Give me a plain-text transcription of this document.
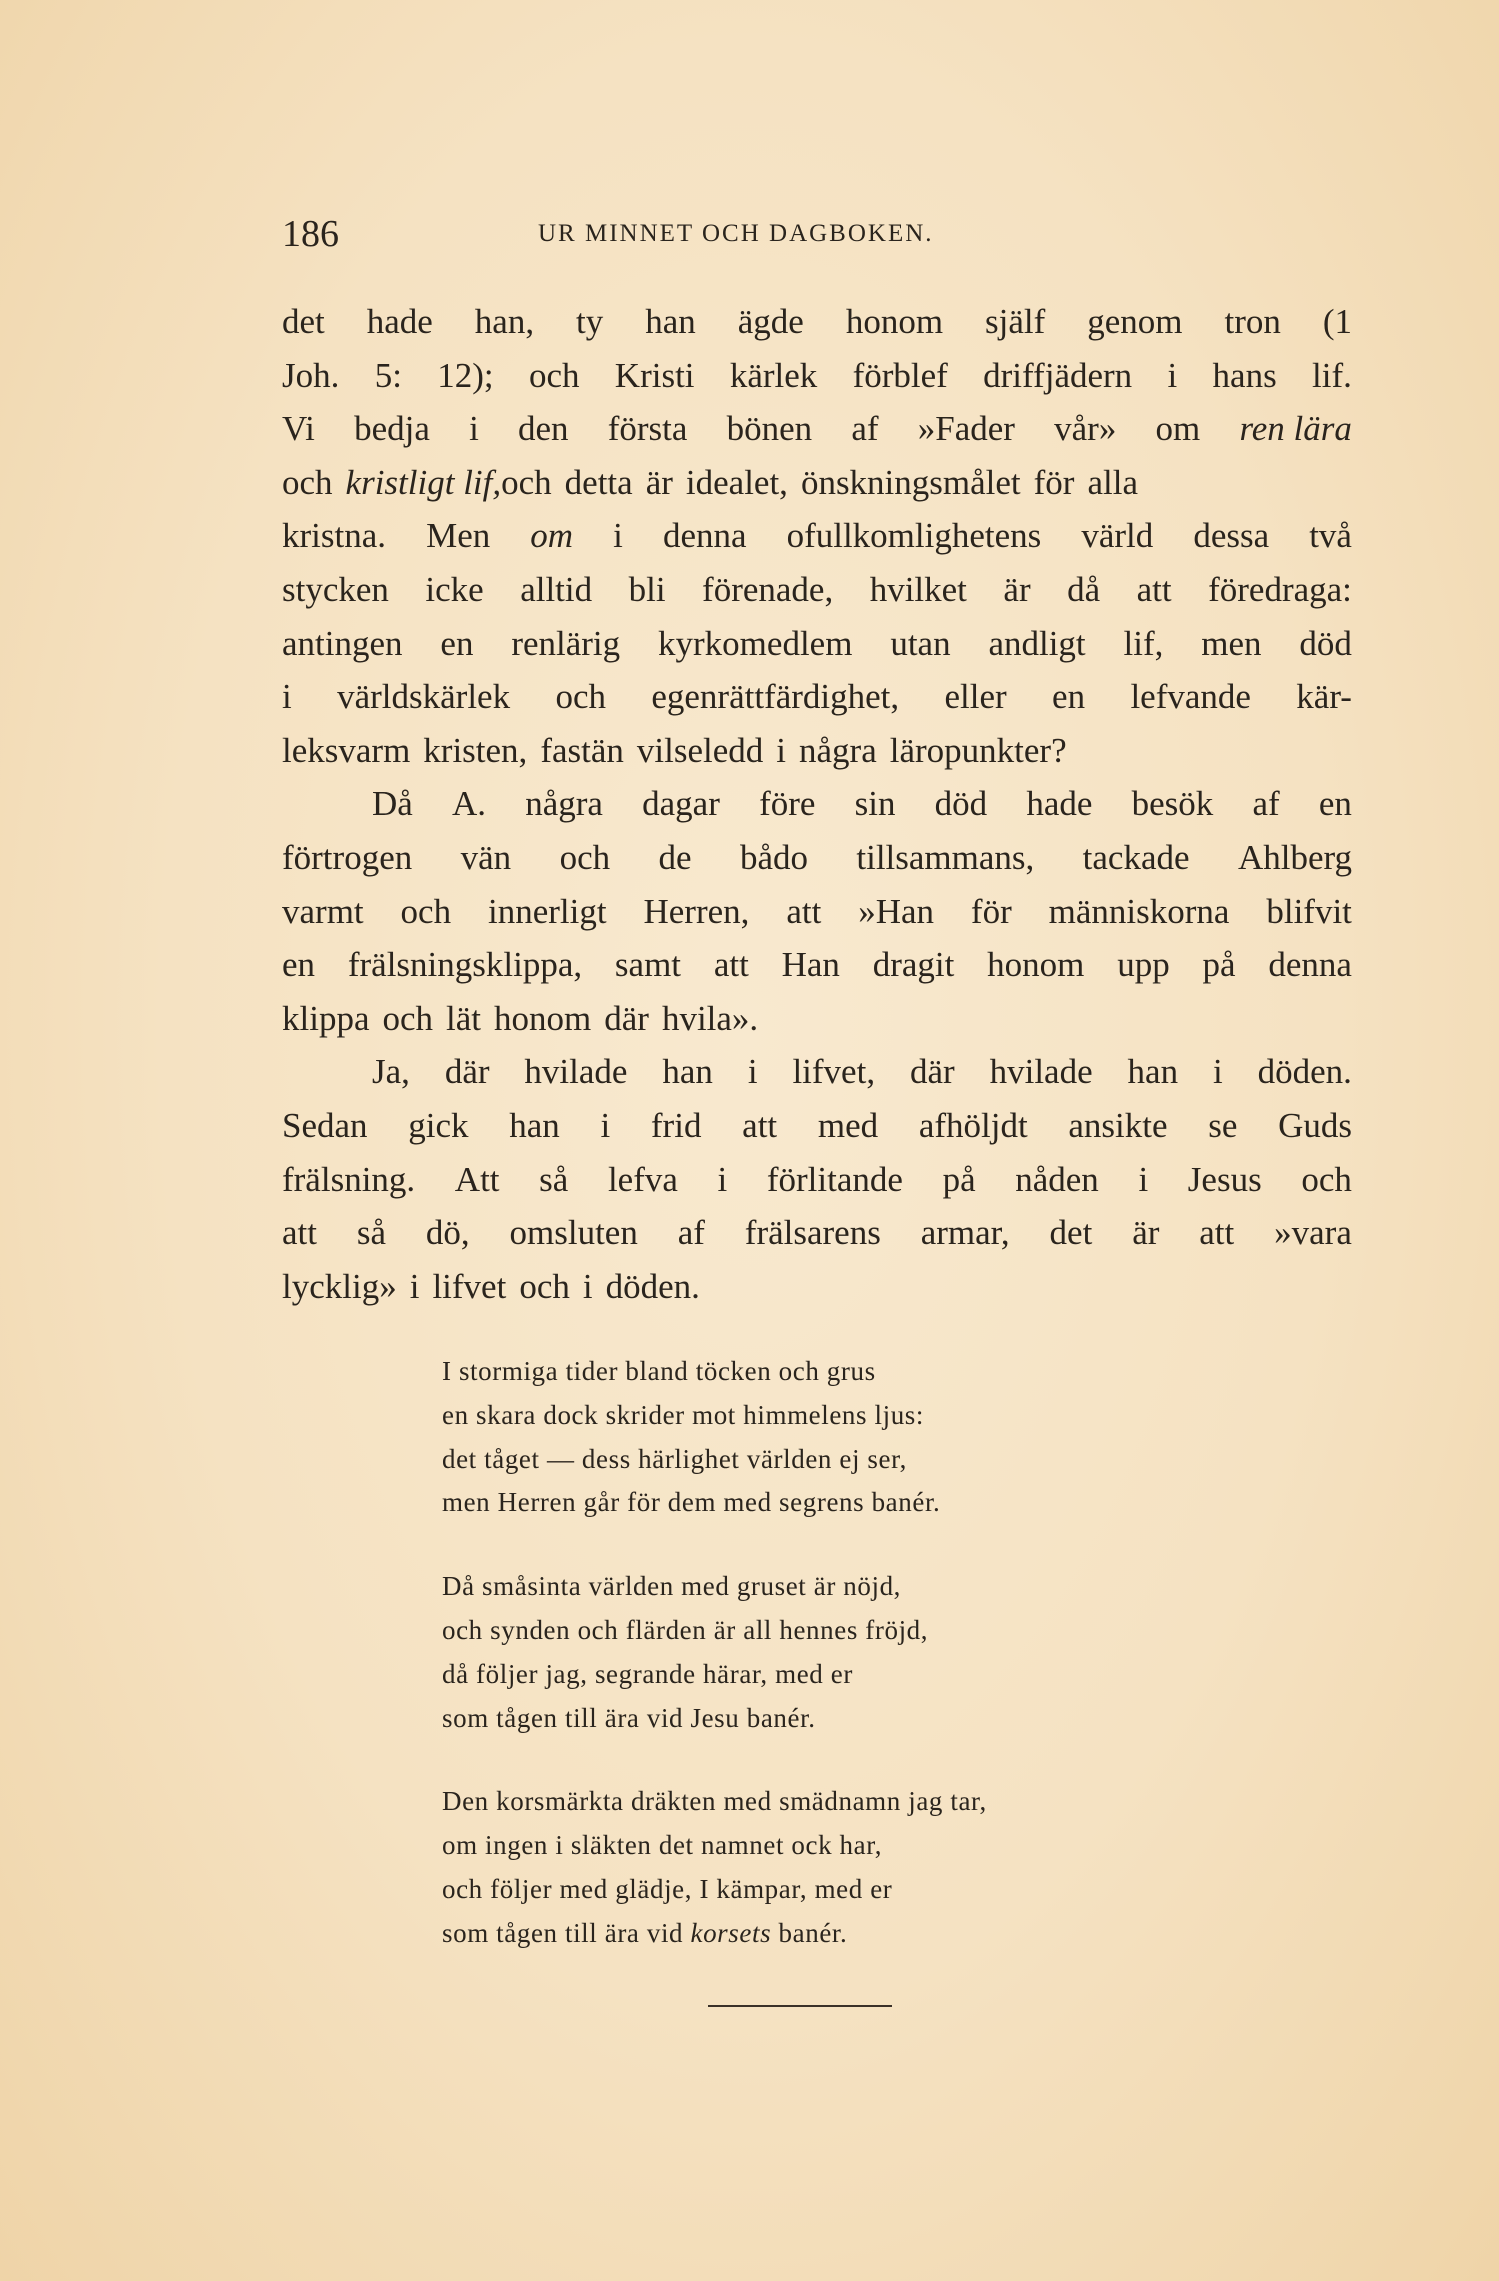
186	UR MINNET OCH DAGBOKEN.
det hade han, ty han ägde honom själf genom tron (1
Joh. 5: 12); och Kristi kärlek förblef driffjädern i hans lif.
Vi bedja i den första bönen af »Fader vår» om ren lära
och kristligt lif, och detta är idealet, önskningsmålet för alla
kristna. Men om i denna ofullkomlighetens värld dessa två
stycken icke alltid bli förenade, hvilket är då att föredraga:
antingen en renlärig kyrkomedlem utan andligt lif, men död
i världskärlek och egenrättfärdighet, eller en lefvande kär-
leksvarm kristen, fastän vilseledd i några läropunkter?
Då A. några dagar före sin död hade besök af en
förtrogen vän och de bådo tillsammans, tackade Ahlberg
varmt och innerligt Herren, att »Han för människorna blifvit
en frälsningsklippa, samt att Han dragit honom upp på denna
klippa och lät honom där hvila».
Ja, där hvilade han i lifvet, där hvilade han i döden.
Sedan gick han i frid att med afhöljdt ansikte se Guds
frälsning. Att så lefva i förlitande på nåden i Jesus och
att så dö, omsluten af frälsarens armar, det är att »vara
lycklig» i lifvet och i döden.
I stormiga tider bland töcken och grus
en skara dock skrider mot himmelens ljus:
det tåget — dess härlighet världen ej ser,
men Herren går för dem med segrens banér.
Då småsinta världen med gruset är nöjd,
och synden och flärden är all hennes fröjd,
då följer jag, segrande härar, med er
som tågen till ära vid Jesu banér.
Den korsmärkta dräkten med smädnamn jag tar,
om ingen i släkten det namnet ock har,
och följer med glädje, I kämpar, med er
som tågen till ära vid korsets banér.
